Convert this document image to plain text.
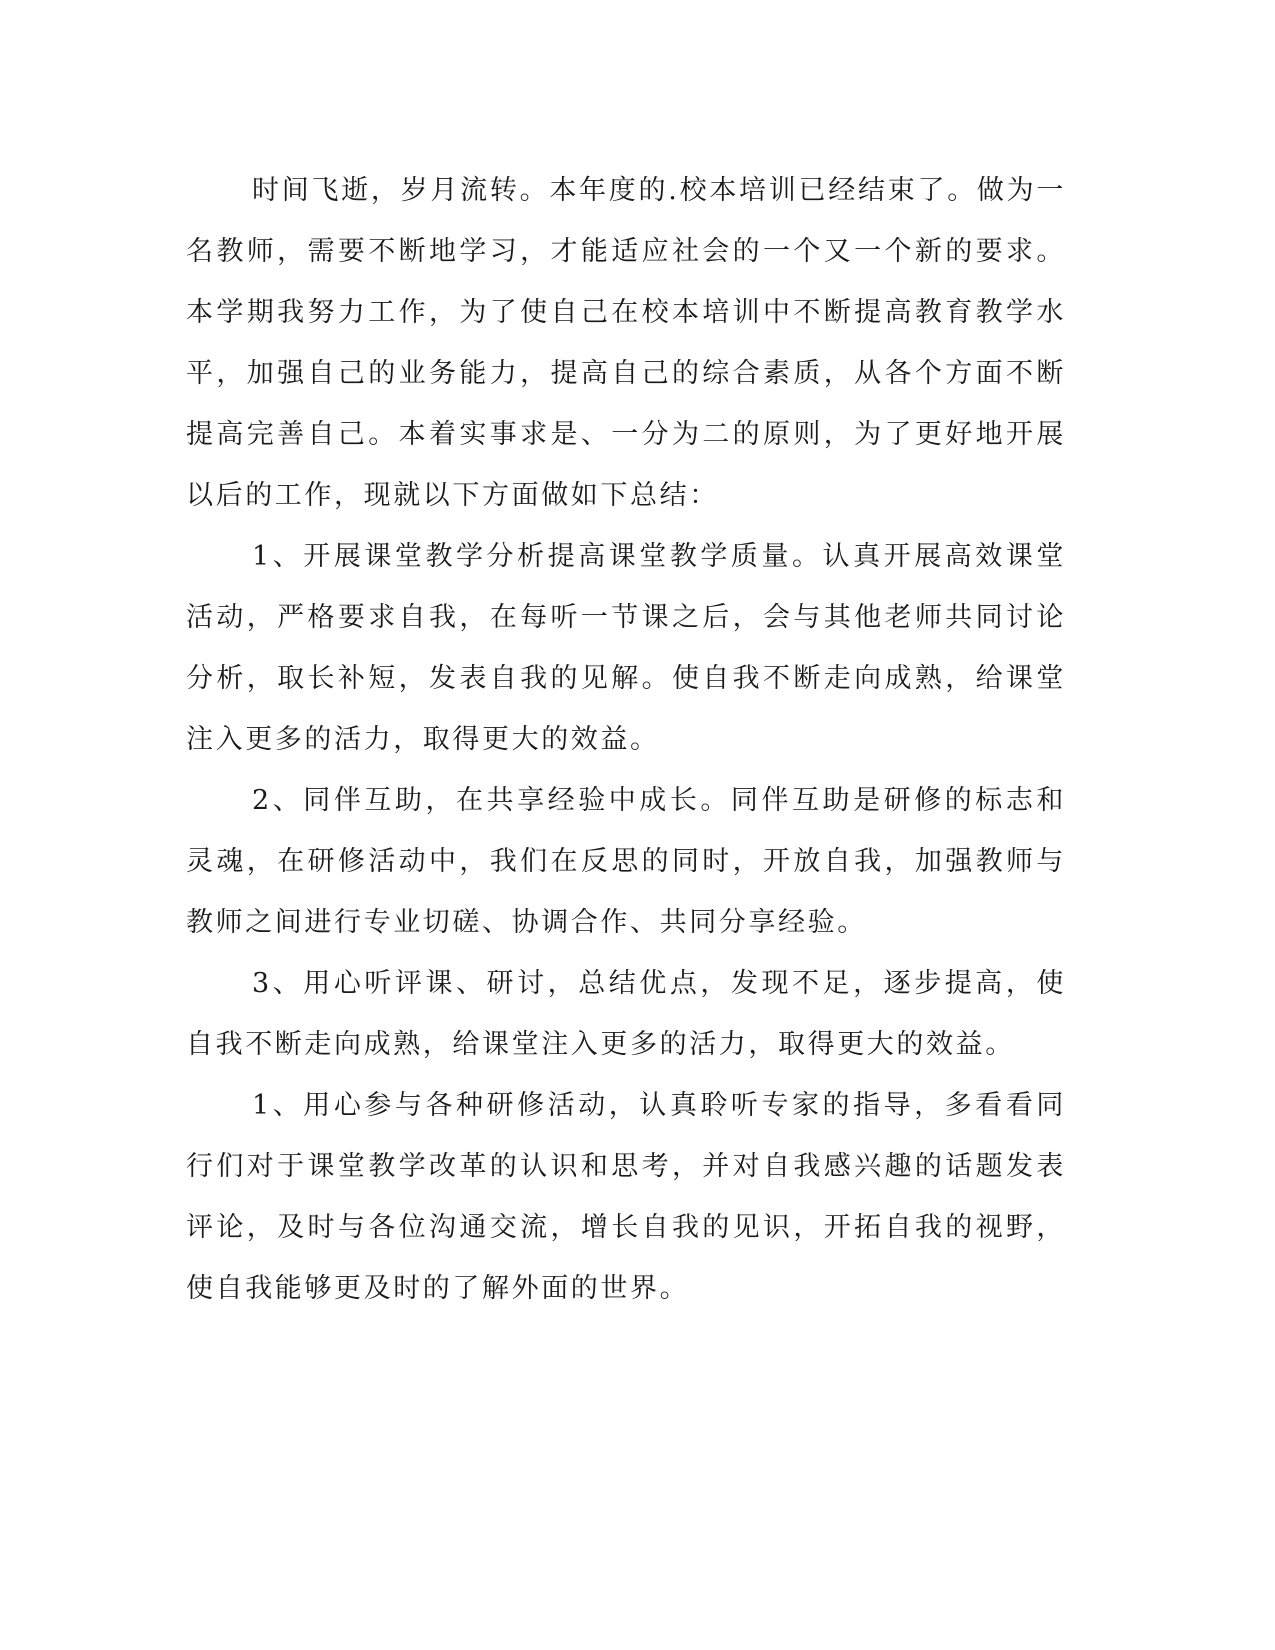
时间飞逝，岁月流转。本年度的.校本培训已经结束了。做为一名教师，需要不断地学习，才能适应社会的一个又一个新的要求。本学期我努力工作，为了使自己在校本培训中不断提高教育教学水平，加强自己的业务能力，提高自己的综合素质，从各个方面不断提高完善自己。本着实事求是、一分为二的原则，为了更好地开展以后的工作，现就以下方面做如下总结：

1、开展课堂教学分析提高课堂教学质量。认真开展高效课堂活动，严格要求自我，在每听一节课之后，会与其他老师共同讨论分析，取长补短，发表自我的见解。使自我不断走向成熟，给课堂注入更多的活力，取得更大的效益。

2、同伴互助，在共享经验中成长。同伴互助是研修的标志和灵魂，在研修活动中，我们在反思的同时，开放自我，加强教师与教师之间进行专业切磋、协调合作、共同分享经验。

3、用心听评课、研讨，总结优点，发现不足，逐步提高，使自我不断走向成熟，给课堂注入更多的活力，取得更大的效益。

1、用心参与各种研修活动，认真聆听专家的指导，多看看同行们对于课堂教学改革的认识和思考，并对自我感兴趣的话题发表评论，及时与各位沟通交流，增长自我的见识，开拓自我的视野，使自我能够更及时的了解外面的世界。
